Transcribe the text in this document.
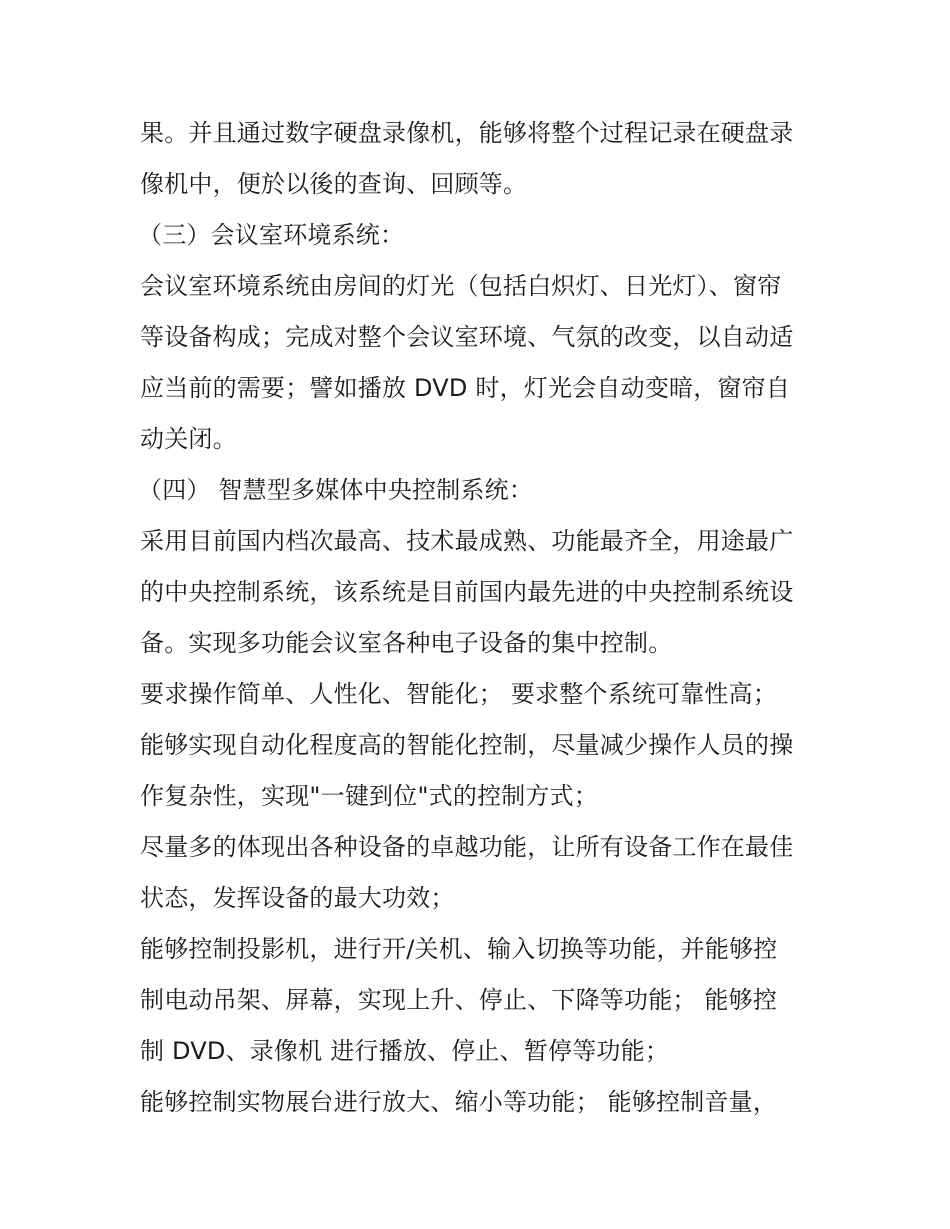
果。并且通过数字硬盘录像机，能够将整个过程记录在硬盘录
像机中，便於以後的查询、回顾等。
（三）会议室环境系统：
会议室环境系统由房间的灯光（包括白炽灯、日光灯）、窗帘
等设备构成；完成对整个会议室环境、气氛的改变，以自动适
应当前的需要；譬如播放 DVD 时，灯光会自动变暗，窗帘自
动关闭。
（四） 智慧型多媒体中央控制系统：
采用目前国内档次最高、技术最成熟、功能最齐全，用途最广
的中央控制系统，该系统是目前国内最先进的中央控制系统设
备。实现多功能会议室各种电子设备的集中控制。
要求操作简单、人性化、智能化； 要求整个系统可靠性高；
能够实现自动化程度高的智能化控制，尽量减少操作人员的操
作复杂性，实现"一键到位"式的控制方式；
尽量多的体现出各种设备的卓越功能，让所有设备工作在最佳
状态，发挥设备的最大功效；
能够控制投影机，进行开/关机、输入切换等功能，并能够控
制电动吊架、屏幕，实现上升、停止、下降等功能； 能够控
制 DVD、录像机 进行播放、停止、暂停等功能；
能够控制实物展台进行放大、缩小等功能； 能够控制音量，
